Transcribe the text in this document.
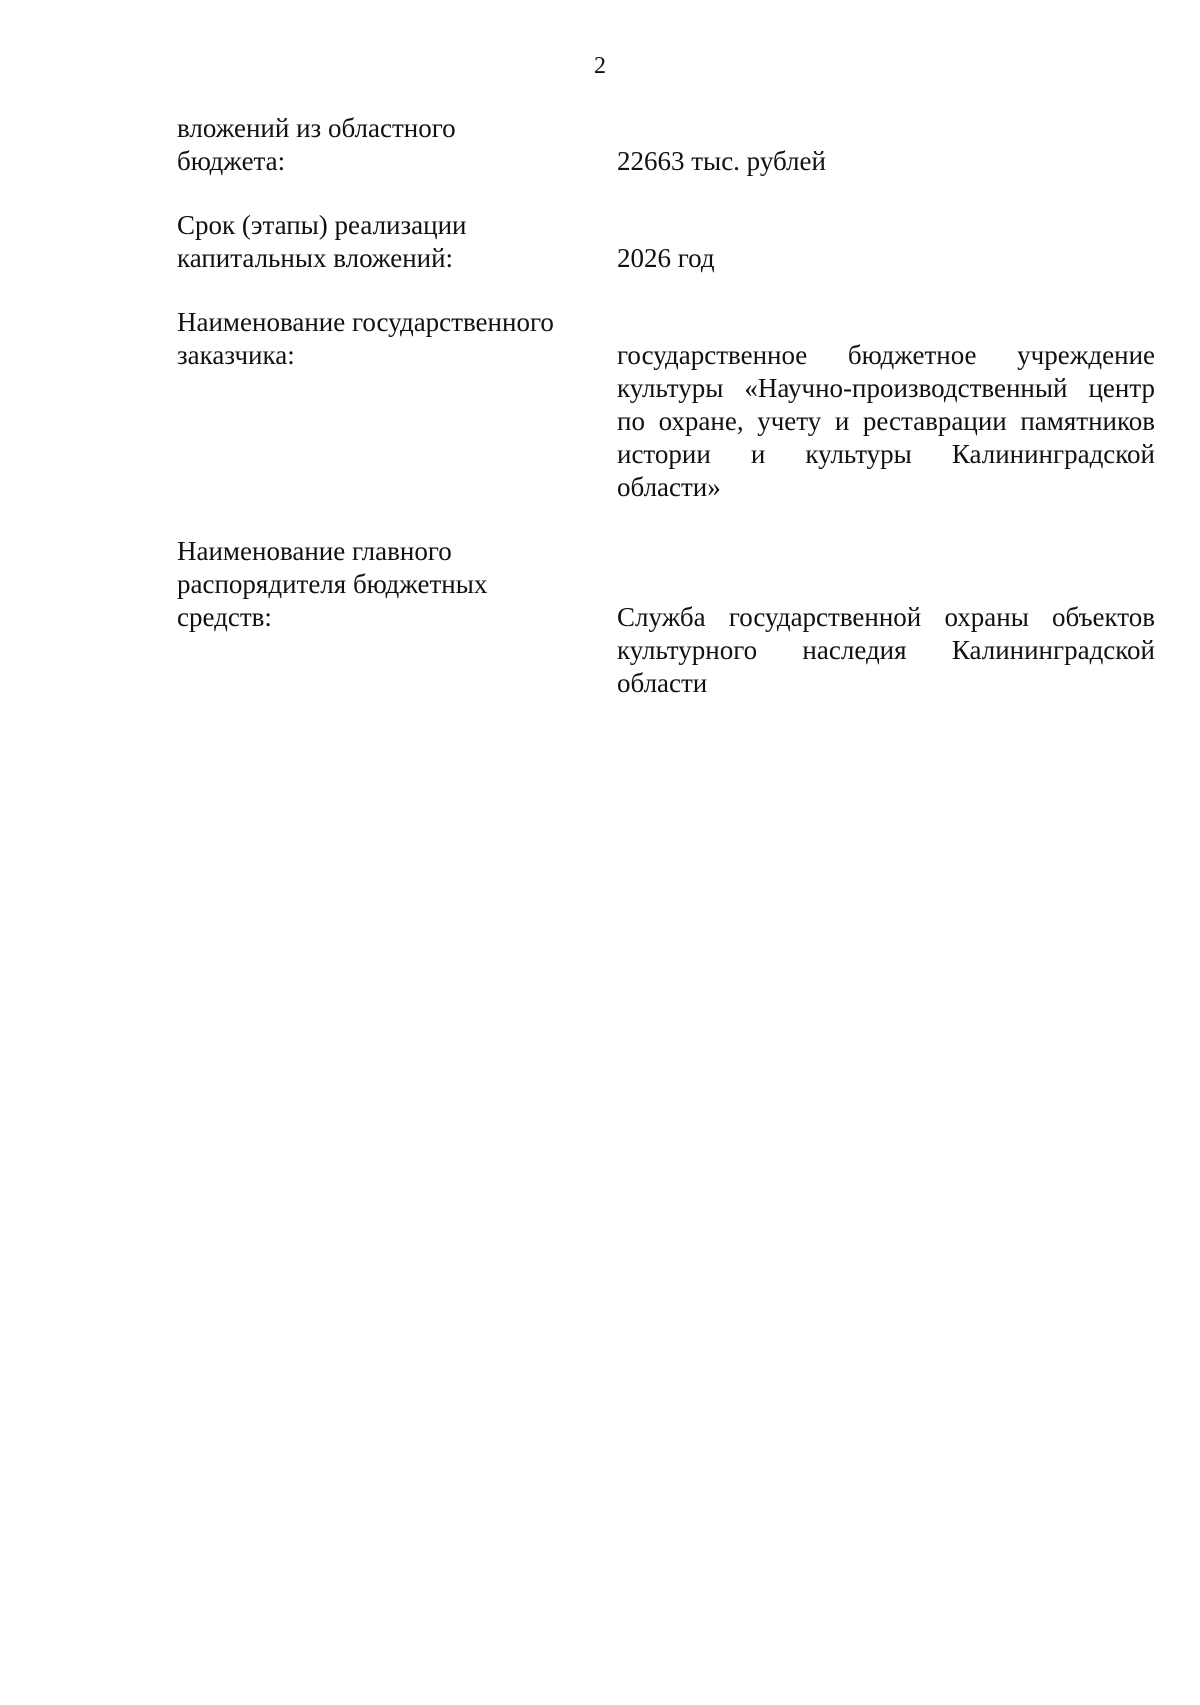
2
вложений из областного
бюджета:	22663 тыс. рублей
Срок (этапы) реализации
капитальных вложений:	2026 год
Наименование государственного
заказчика:	государственное бюджетное учреждение
культуры «Научно-производственный центр
по охране, учету и реставрации памятников
истории и культуры Калининградской
области»
Наименование главного
распорядителя бюджетных
средств:	Служба государственной охраны объектов
культурного наследия Калининградской
области
